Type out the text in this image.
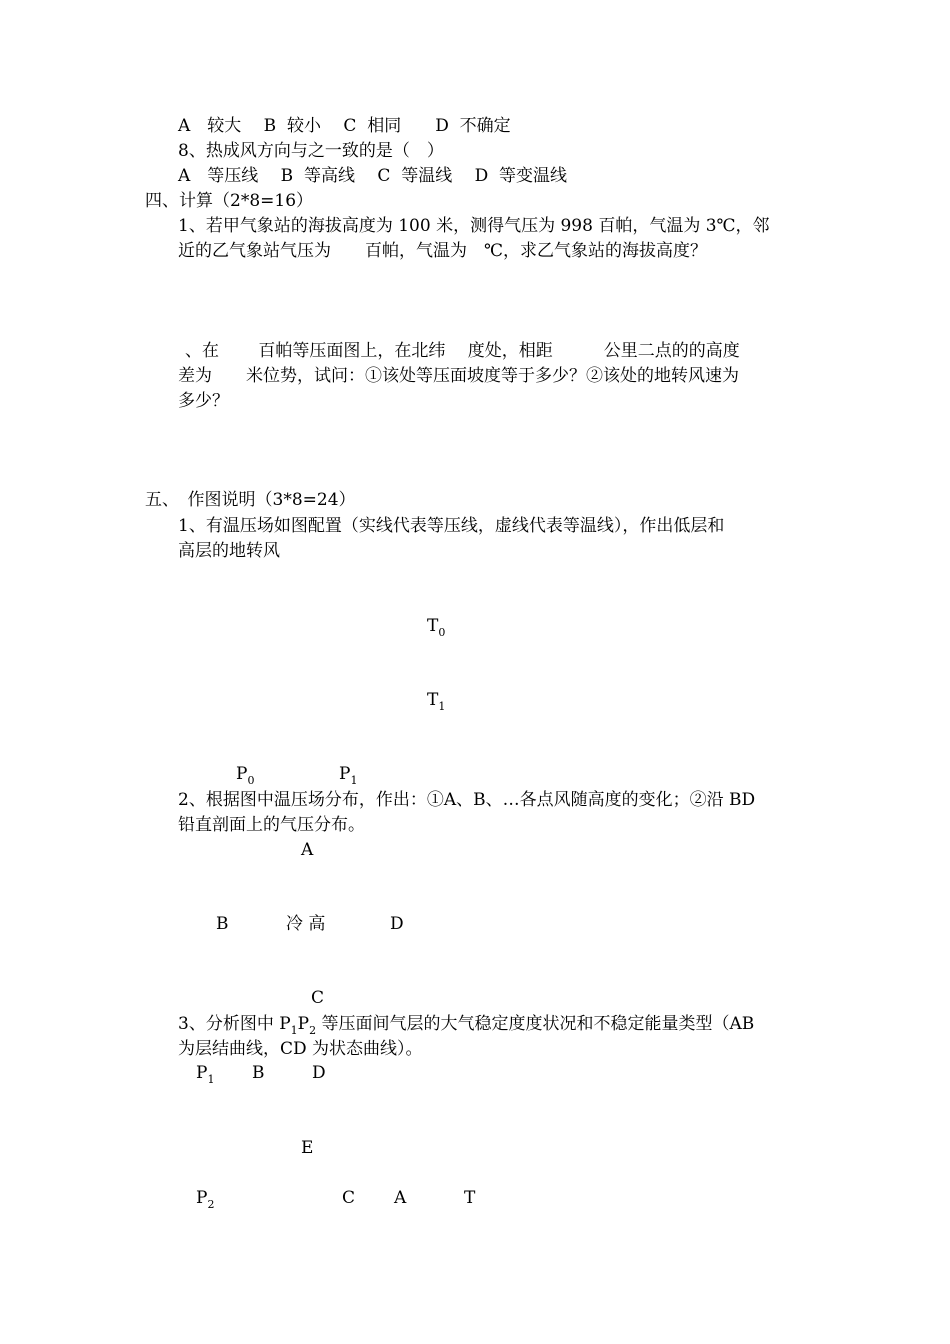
A　较大　 B  较小　 C  相同　　D  不确定
8、热成风方向与之一致的是（　）
A　等压线　 B  等高线　 C  等温线　 D  等变温线
四、计算（2*8=16）
1、若甲气象站的海拔高度为 100 米，测得气压为 998 百帕，气温为 3℃，邻
近的乙气象站气压为　　百帕，气温为　℃，求乙气象站的海拔高度？
、在　　 百帕等压面图上，在北纬　 度处，相距　　　公里二点的的高度
差为　　米位势，试问：①该处等压面坡度等于多少？②该处的地转风速为
多少？
五、　作图说明（3*8=24）
1、有温压场如图配置（实线代表等压线，虚线代表等温线），作出低层和
高层的地转风
$T_0$
$T_1$
$P_0$	$P_1$
2、根据图中温压场分布，作出：①A、B、…各点风随高度的变化；②沿 BD
铅直剖面上的气压分布。
A
B	冷 高	D
C
3、分析图中 $P_1P_2$ 等压面间气层的大气稳定度度状况和不稳定能量类型（AB
为层结曲线，CD 为状态曲线）。
$P_1$ B	D
E
$P_2$	C A	T
